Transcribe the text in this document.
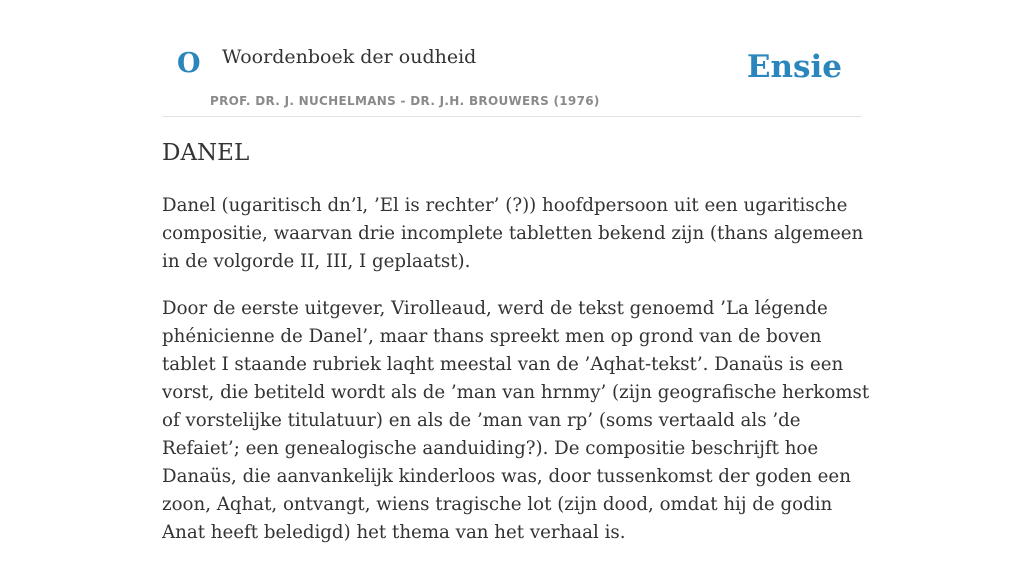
O Woordenboek der oudheid
PROF. DR. J. NUCHELMANS - DR. J.H. BROUWERS (1976)
Ensie
DANEL

Danel (ugaritisch dn’l, ’El is rechter’ (?)) hoofdpersoon uit een ugaritische compositie, waarvan drie incomplete tabletten bekend zijn (thans algemeen in de volgorde II, III, I geplaatst).

Door de eerste uitgever, Virolleaud, werd de tekst genoemd ’La légende phénicienne de Danel’, maar thans spreekt men op grond van de boven tablet I staande rubriek laqht meestal van de ’Aqhat-tekst’. Danaüs is een vorst, die betiteld wordt als de ’man van hrnmy’ (zijn geografische herkomst of vorstelijke titulatuur) en als de ’man van rp’ (soms vertaald als ’de Refaiet’; een genealogische aanduiding?). De compositie beschrijft hoe Danaüs, die aanvankelijk kinderloos was, door tussenkomst der goden een zoon, Aqhat, ontvangt, wiens tragische lot (zijn dood, omdat hij de godin Anat heeft beledigd) het thema van het verhaal is.
